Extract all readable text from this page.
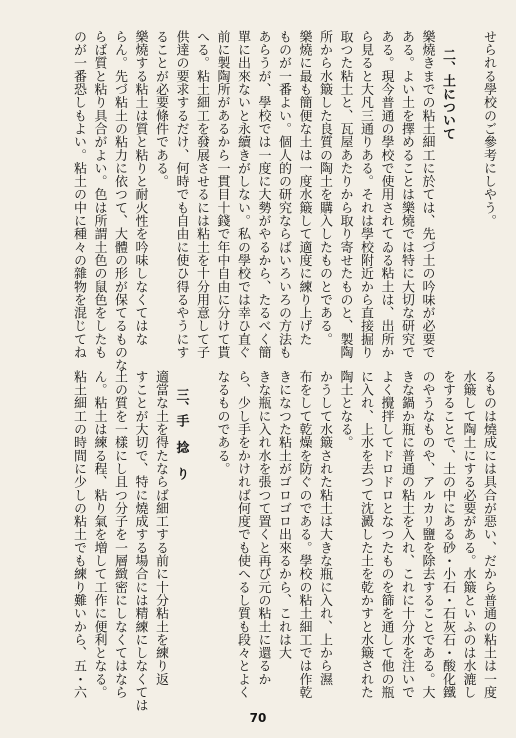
せられる學校のご參考にしやう。

二、土について
樂燒きまでの粘土細工に於ては、先づ土の吟味が必要で
ある。よい土を擇めることは樂燒では特に大切な研究で
ある。現今普通の學校で使用されてゐる粘土は、出所か
ら見ると大凡三通りある。それは學校附近から直接掘り
取つた粘土と、瓦屋あたりから取り寄せたものと、製陶
所から水簸した良質の陶土を購入したものとである。
樂燒に最も簡便な土は一度水簸して適度に練り上げた
ものが一番よい。個人的の研究ならばいろいろの方法も
あらうが、學校では一度に大勢がやるから、たるべく簡
單に出來ないと永續きがしない。私の學校では幸ひ直ぐ
前に製陶所があるから一貫目十錢で年中自由に分けて貰
へる。粘土細工を發展させるには粘土を十分用意して子
供達の要求するだけ、何時でも自由に使ひ得るやうにす
ることが必要條件である。
樂燒する粘土は質と粘りと耐火性を吟味しなくてはな
らん。先づ粘土の粘力に依つて、大體の形が保てるものな
らば質と粘り具合がよい。色は所謂土色の鼠色をしたも
のが一番恐しもよい。粘土の中に種々の雜物を混じてね
るものは燒成には具合が惡い、だから普通の粘土は一度
水簸して陶土にする必要がある。水簸といふのは水漉し
をすることで、土の中にある砂・小石・石灰石・酸化鐵
のやうなものや、アルカリ鹽を除去することである。大
きな鍋か瓶に普通の粘土を入れ、これに十分水を注いで
よく攪拌してドロドロとなつたものを篩を通して他の瓶
に入れ、上水を去つて沈澱した土を乾かすと水簸された
陶土となる。
かうして水簸された粘土は大きな瓶に入れ、上から濕
布をして乾燥を防ぐのである。學校の粘土細工では作乾
きになつた粘土がゴロゴロ出來るから、これは大
きな瓶に入れ水を張つて置くと再び元の粘土に還るか
ら、少し手をかければ何度でも使へるし質も段々とよく
なるものである。

三、手　捻　り
適當な土を得たならば細工する前に十分粘土を練り返
すことが大切で、特に燒成する場合には精練にしなくては
土の質を一樣にし且つ分子を一層緻密にしなくてはなら
ん。粘土は練る程、粘り氣を増して工作に便利となる。
粘土細工の時間に少しの粘土でも練り難いから、五・六
70
